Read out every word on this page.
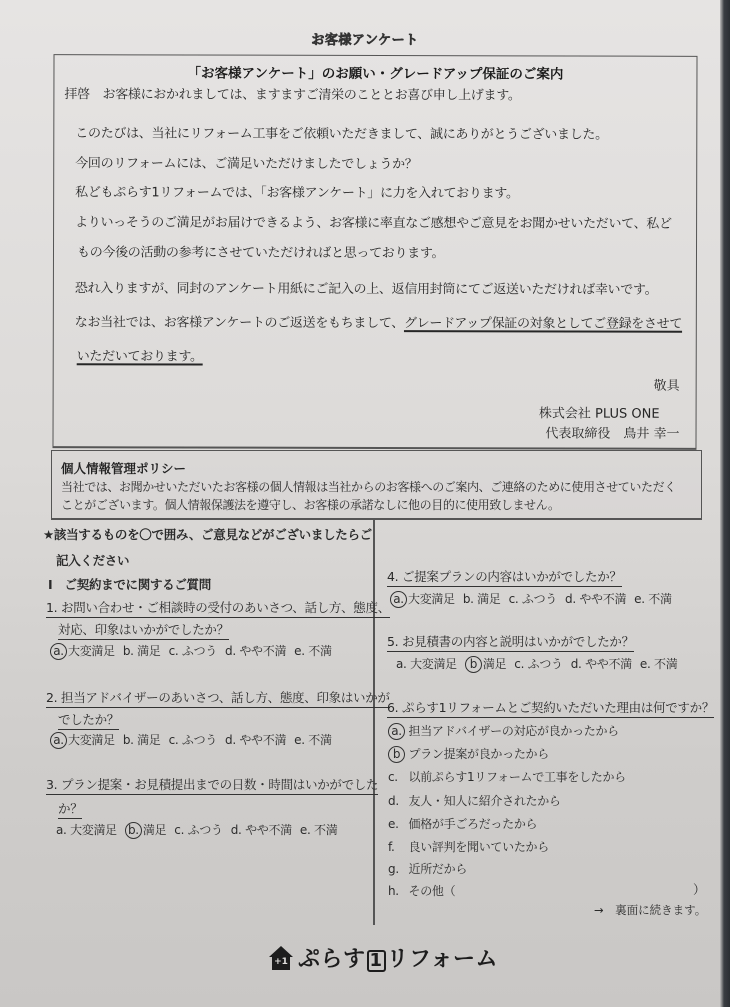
お客様アンケート
「お客様アンケート」のお願い・グレードアップ保証のご案内
拝啓　お客様におかれましては、ますますご清栄のこととお喜び申し上げます。
このたびは、当社にリフォーム工事をご依頼いただきまして、誠にありがとうございました。
今回のリフォームには、ご満足いただけましたでしょうか？
私どもぷらす1リフォームでは、「お客様アンケート」に力を入れております。
よりいっそうのご満足がお届けできるよう、お客様に率直なご感想やご意見をお聞かせいただいて、私ど
もの今後の活動の参考にさせていただければと思っております。
恐れ入りますが、同封のアンケート用紙にご記入の上、返信用封筒にてご返送いただければ幸いです。
なお当社では、お客様アンケートのご返送をもちまして、グレードアップ保証の対象としてご登録をさせて
いただいております。
敬具
株式会社 PLUS ONE
代表取締役　鳥井 幸一
個人情報管理ポリシー
当社では、お聞かせいただいたお客様の個人情報は当社からのお客様へのご案内、ご連絡のために使用させていただく
ことがございます。個人情報保護法を遵守し、お客様の承諾なしに他の目的に使用致しません。
★該当するものを〇で囲み、ご意見などがございましたらご
記入ください
Ⅰ　ご契約までに関するご質問
1. お問い合わせ・ご相談時の受付のあいさつ、話し方、態度、
対応、印象はいかがでしたか？
a. 大変満足 b. 満足 c. ふつう d. やや不満 e. 不満
2. 担当アドバイザーのあいさつ、話し方、態度、印象はいかが
でしたか？
a. 大変満足 b. 満足 c. ふつう d. やや不満 e. 不満
3. プラン提案・お見積提出までの日数・時間はいかがでした
か？
a. 大変満足 b. 満足 c. ふつう d. やや不満 e. 不満
4. ご提案プランの内容はいかがでしたか？
a. 大変満足 b. 満足 c. ふつう d. やや不満 e. 不満
5. お見積書の内容と説明はいかがでしたか？
a. 大変満足	b 満足 c. ふつう d. やや不満 e. 不満
6. ぷらす1リフォームとご契約いただいた理由は何ですか？
a. 担当アドバイザーの対応が良かったから
b プラン提案が良かったから
c. 以前ぷらす1リフォームで工事をしたから
d. 友人・知人に紹介されたから
e. 価格が手ごろだったから
f. 良い評判を聞いていたから
g. 近所だから
h. その他（	）
→　裏面に続きます。
+1 ぷらす 1 リフォーム
